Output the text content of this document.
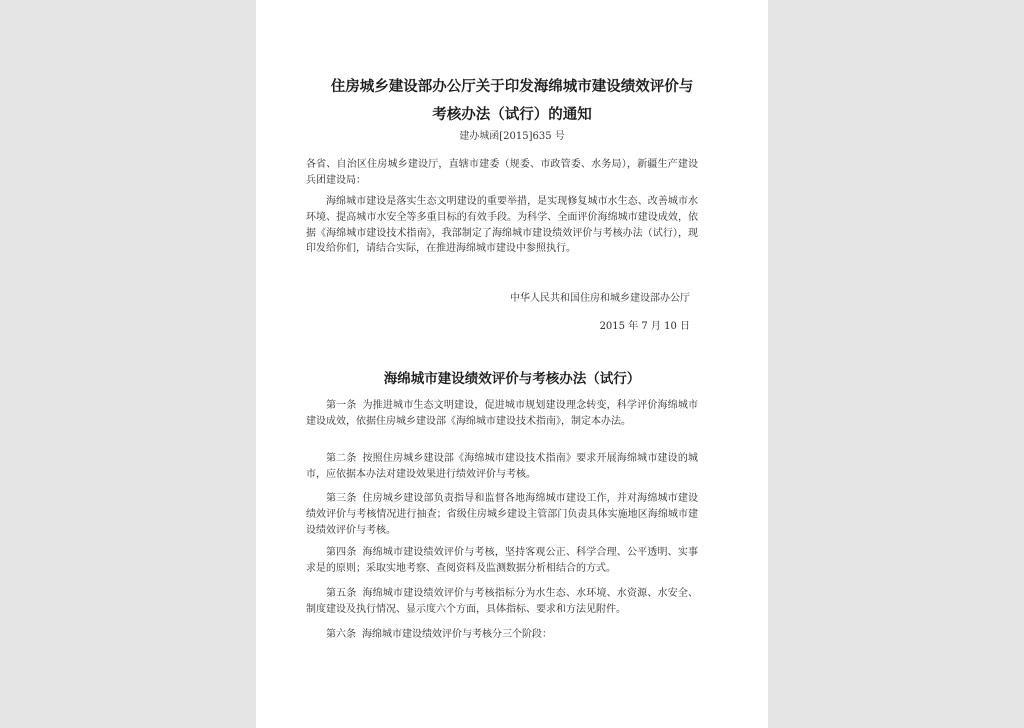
住房城乡建设部办公厅关于印发海绵城市建设绩效评价与
考核办法（试行）的通知
建办城函[2015]635 号

各省、自治区住房城乡建设厅，直辖市建委（规委、市政管委、水务局），新疆生产建设兵团建设局：

海绵城市建设是落实生态文明建设的重要举措，是实现修复城市水生态、改善城市水环境、提高城市水安全等多重目标的有效手段。为科学、全面评价海绵城市建设成效，依据《海绵城市建设技术指南》，我部制定了海绵城市建设绩效评价与考核办法（试行），现印发给你们，请结合实际，在推进海绵城市建设中参照执行。

中华人民共和国住房和城乡建设部办公厅
2015 年 7 月 10 日
海绵城市建设绩效评价与考核办法（试行）

第一条 为推进城市生态文明建设，促进城市规划建设理念转变，科学评价海绵城市建设成效，依据住房城乡建设部《海绵城市建设技术指南》，制定本办法。

第二条 按照住房城乡建设部《海绵城市建设技术指南》要求开展海绵城市建设的城市，应依据本办法对建设效果进行绩效评价与考核。

第三条 住房城乡建设部负责指导和监督各地海绵城市建设工作，并对海绵城市建设绩效评价与考核情况进行抽查；省级住房城乡建设主管部门负责具体实施地区海绵城市建设绩效评价与考核。

第四条 海绵城市建设绩效评价与考核，坚持客观公正、科学合理、公平透明、实事求是的原则；采取实地考察、查阅资料及监测数据分析相结合的方式。

第五条 海绵城市建设绩效评价与考核指标分为水生态、水环境、水资源、水安全、制度建设及执行情况、显示度六个方面，具体指标、要求和方法见附件。

第六条 海绵城市建设绩效评价与考核分三个阶段：
